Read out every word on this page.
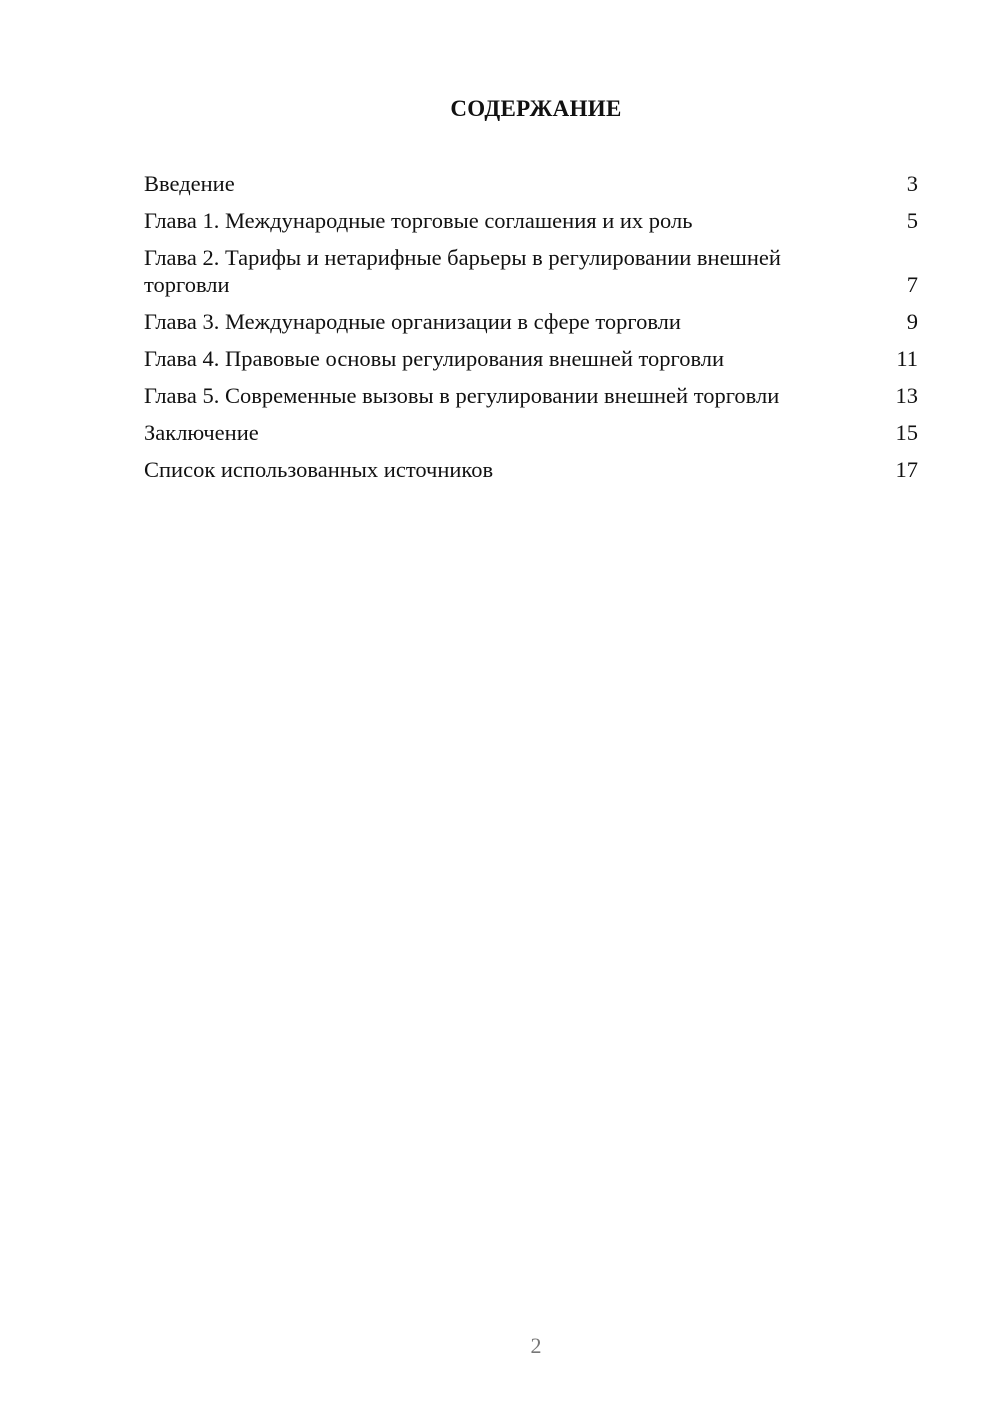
СОДЕРЖАНИЕ
Введение	3
Глава 1. Международные торговые соглашения и их роль	5
Глава 2. Тарифы и нетарифные барьеры в регулировании внешней торговли	7
Глава 3. Международные организации в сфере торговли	9
Глава 4. Правовые основы регулирования внешней торговли	11
Глава 5. Современные вызовы в регулировании внешней торговли	13
Заключение	15
Список использованных источников	17
2
